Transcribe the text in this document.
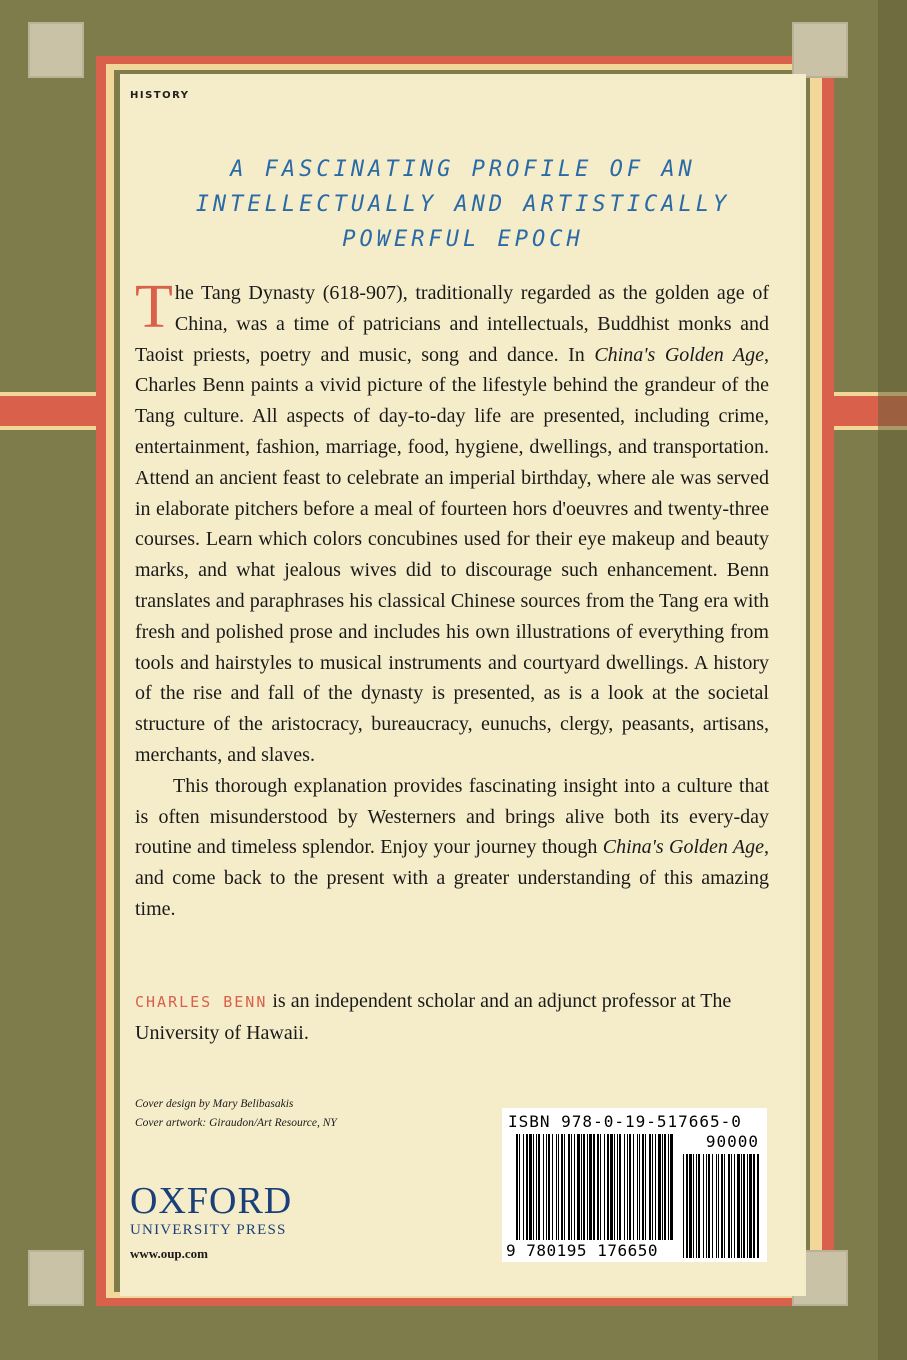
HISTORY
A FASCINATING PROFILE OF AN
INTELLECTUALLY AND ARTISTICALLY
POWERFUL EPOCH

The Tang Dynasty (618-907), traditionally regarded as the golden age of China, was a time of patricians and intellectuals, Buddhist monks and Taoist priests, poetry and music, song and dance. In China's Golden Age, Charles Benn paints a vivid picture of the lifestyle behind the grandeur of the Tang culture. All aspects of day-to-day life are presented, including crime, entertainment, fashion, marriage, food, hygiene, dwellings, and transportation. Attend an ancient feast to celebrate an imperial birthday, where ale was served in elaborate pitchers before a meal of fourteen hors d'oeuvres and twenty-three courses. Learn which colors concubines used for their eye makeup and beauty marks, and what jealous wives did to discourage such enhancement. Benn translates and paraphrases his classical Chinese sources from the Tang era with fresh and polished prose and includes his own illustrations of everything from tools and hairstyles to musical instruments and courtyard dwellings. A history of the rise and fall of the dynasty is presented, as is a look at the societal structure of the aristocracy, bureaucracy, eunuchs, clergy, peasants, artisans, merchants, and slaves.

This thorough explanation provides fascinating insight into a culture that is often misunderstood by Westerners and brings alive both its every-day routine and timeless splendor. Enjoy your journey though China's Golden Age, and come back to the present with a greater understanding of this amazing time.

CHARLES BENN is an independent scholar and an adjunct professor at The University of Hawaii.
Cover design by Mary Belibasakis
Cover artwork: Giraudon/Art Resource, NY
OXFORD
UNIVERSITY PRESS
www.oup.com
ISBN 978-0-19-517665-0
90000
9 780195 176650
